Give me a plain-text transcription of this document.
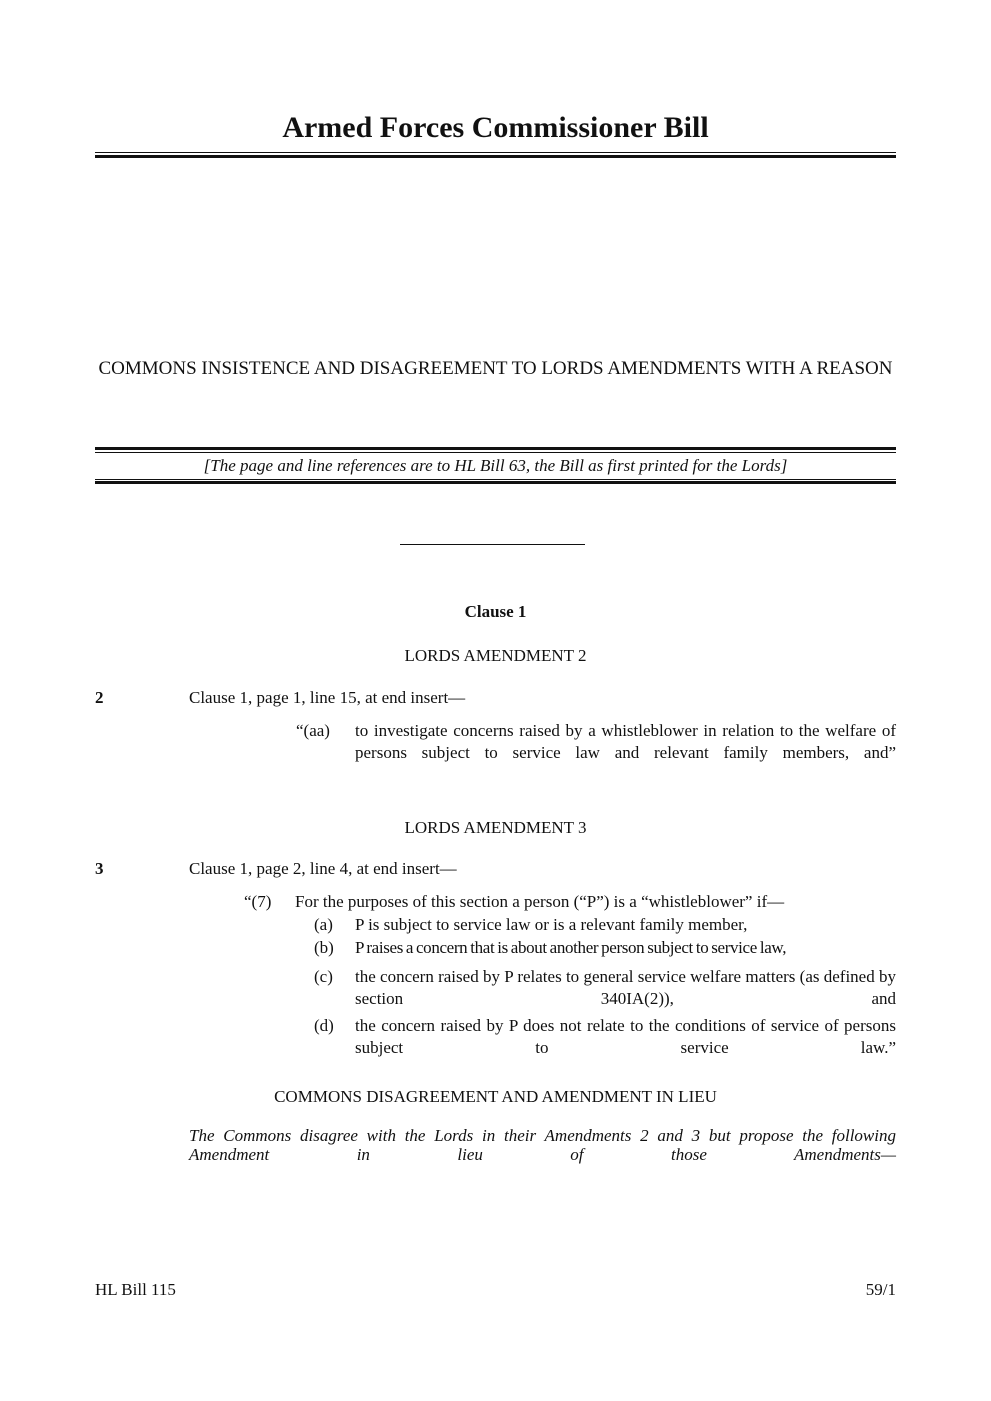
Armed Forces Commissioner Bill
COMMONS INSISTENCE AND DISAGREEMENT TO LORDS AMENDMENTS WITH A REASON
[The page and line references are to HL Bill 63, the Bill as first printed for the Lords]
Clause 1
LORDS AMENDMENT 2
2	Clause 1, page 1, line 15, at end insert—
“(aa) to investigate concerns raised by a whistleblower in relation to the welfare of persons subject to service law and relevant family members, and”
LORDS AMENDMENT 3
3	Clause 1, page 2, line 4, at end insert—
“(7) For the purposes of this section a person (“P”) is a “whistleblower” if—
(a) P is subject to service law or is a relevant family member,
(b) P raises a concern that is about another person subject to service law,
(c) the concern raised by P relates to general service welfare matters (as defined by section 340IA(2)), and
(d) the concern raised by P does not relate to the conditions of service of persons subject to service law.”
COMMONS DISAGREEMENT AND AMENDMENT IN LIEU
The Commons disagree with the Lords in their Amendments 2 and 3 but propose the following Amendment in lieu of those Amendments—
HL Bill 115	59/1
